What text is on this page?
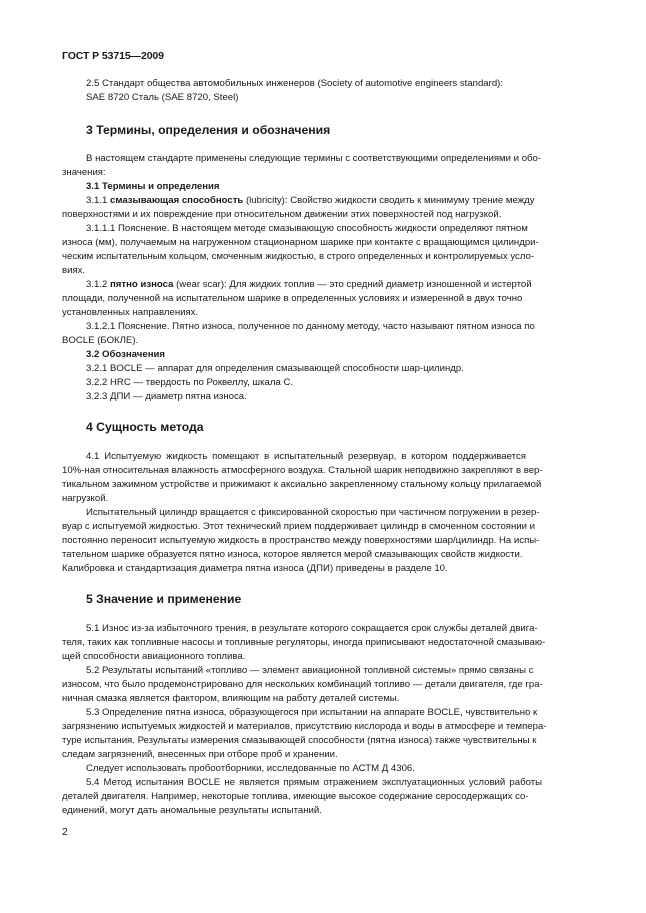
ГОСТ Р 53715—2009
2.5 Стандарт общества автомобильных инженеров (Society of automotive engineers standard):
SAE 8720 Сталь (SAE 8720, Steel)
3 Термины, определения и обозначения
В настоящем стандарте применены следующие термины с соответствующими определениями и обо-
значения:
3.1 Термины и определения
3.1.1 смазывающая способность (lubricity): Свойство жидкости сводить к минимуму трение между
поверхностями и их повреждение при относительном движении этих поверхностей под нагрузкой.
3.1.1.1 Пояснение. В настоящем методе смазывающую способность жидкости определяют пятном
износа (мм), получаемым на нагруженном стационарном шарике при контакте с вращающимся цилиндри-
ческим испытательным кольцом, смоченным жидкостью, в строго определенных и контролируемых усло-
виях.
3.1.2 пятно износа (wear scar): Для жидких топлив — это средний диаметр изношенной и истертой
площади, полученной на испытательном шарике в определенных условиях и измеренной в двух точно
установленных направлениях.
3.1.2.1 Пояснение. Пятно износа, полученное по данному методу, часто называют пятном износа по
BOCLE (БОКЛЕ).
3.2 Обозначения
3.2.1 BOCLE — аппарат для определения смазывающей способности шар-цилиндр.
3.2.2 HRC — твердость по Роквеллу, шкала С.
3.2.3 ДПИ — диаметр пятна износа.
4 Сущность метода
4.1 Испытуемую жидкость помещают в испытательный резервуар, в котором поддерживается
10%-ная относительная влажность атмосферного воздуха. Стальной шарик неподвижно закрепляют в вер-
тикальном зажимном устройстве и прижимают к аксиально закрепленному стальному кольцу прилагаемой
нагрузкой.
Испытательный цилиндр вращается с фиксированной скоростью при частичном погружении в резер-
вуар с испытуемой жидкостью. Этот технический прием поддерживает цилиндр в смоченном состоянии и
постоянно переносит испытуемую жидкость в пространство между поверхностями шар/цилиндр. На испы-
тательном шарике образуется пятно износа, которое является мерой смазывающих свойств жидкости.
Калибровка и стандартизация диаметра пятна износа (ДПИ) приведены в разделе 10.
5 Значение и применение
5.1 Износ из-за избыточного трения, в результате которого сокращается срок службы деталей двига-
теля, таких как топливные насосы и топливные регуляторы, иногда приписывают недостаточной смазываю-
щей способности авиационного топлива.
5.2 Результаты испытаний «топливо — элемент авиационной топливной системы» прямо связаны с
износом, что было продемонстрировано для нескольких комбинаций топливо — детали двигателя, где гра-
ничная смазка является фактором, влияющим на работу деталей системы.
5.3 Определение пятна износа, образующегося при испытании на аппарате BOCLE, чувствительно к
загрязнению испытуемых жидкостей и материалов, присутствию кислорода и воды в атмосфере и темпера-
туре испытания. Результаты измерения смазывающей способности (пятна износа) также чувствительны к
следам загрязнений, внесенных при отборе проб и хранении.
Следует использовать пробоотборники, исследованные по АСТМ Д 4306.
5.4 Метод испытания BOCLE не является прямым отражением эксплуатационных условий работы
деталей двигателя. Например, некоторые топлива, имеющие высокое содержание серосодержащих со-
единений, могут дать аномальные результаты испытаний.
2
